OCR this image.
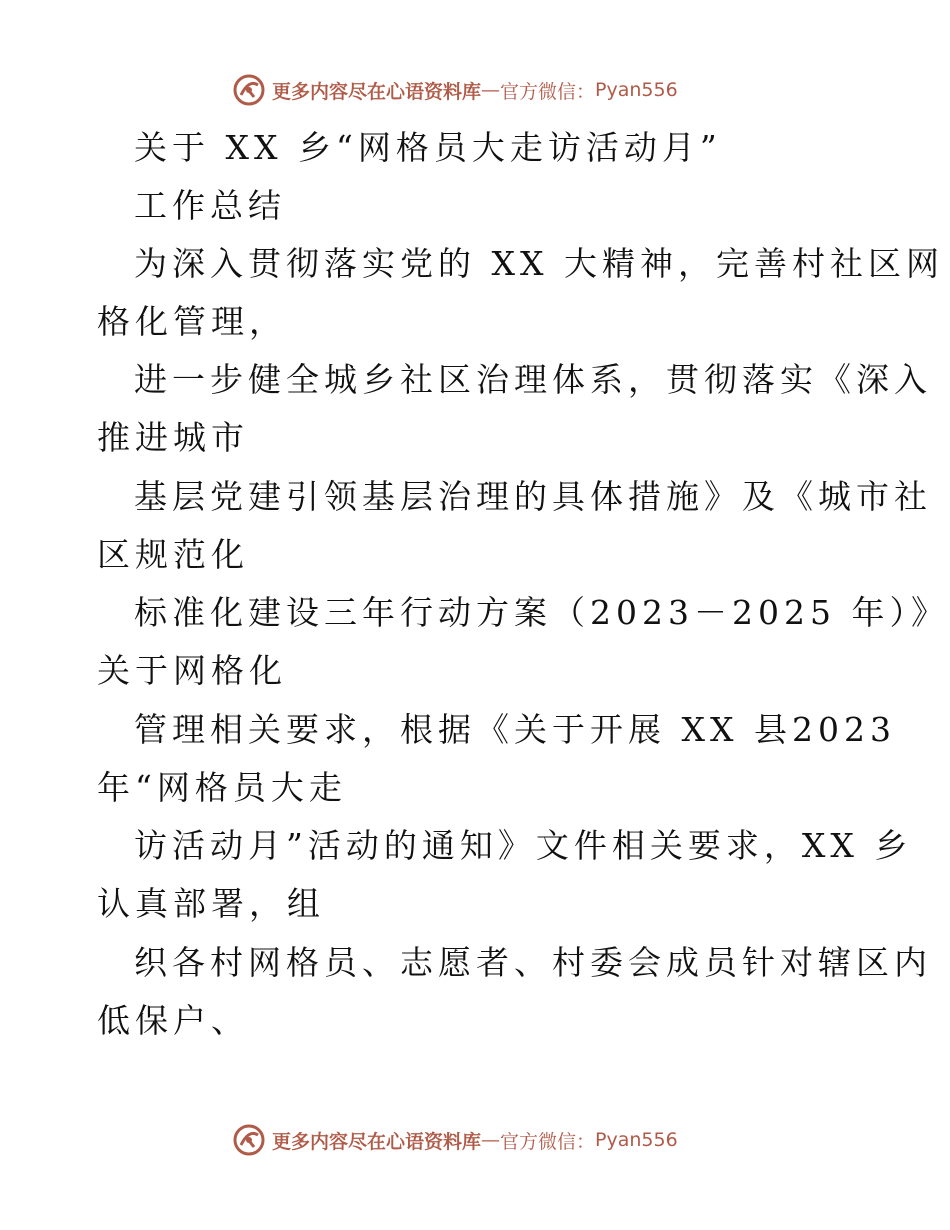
更多内容尽在心语资料库 — 官方微信： Pyan556
关于 XX 乡“网格员大走访活动月”
工作总结
为深入贯彻落实党的 XX 大精神，完善村社区网
格化管理，
进一步健全城乡社区治理体系，贯彻落实《深入
推进城市
基层党建引领基层治理的具体措施》及《城市社
区规范化
标准化建设三年行动方案（2023－2025 年）》
关于网格化
管理相关要求，根据《关于开展 XX 县2023
年“网格员大走
访活动月”活动的通知》文件相关要求，XX 乡
认真部署，组
织各村网格员、志愿者、村委会成员针对辖区内
低保户、
更多内容尽在心语资料库 — 官方微信： Pyan556
